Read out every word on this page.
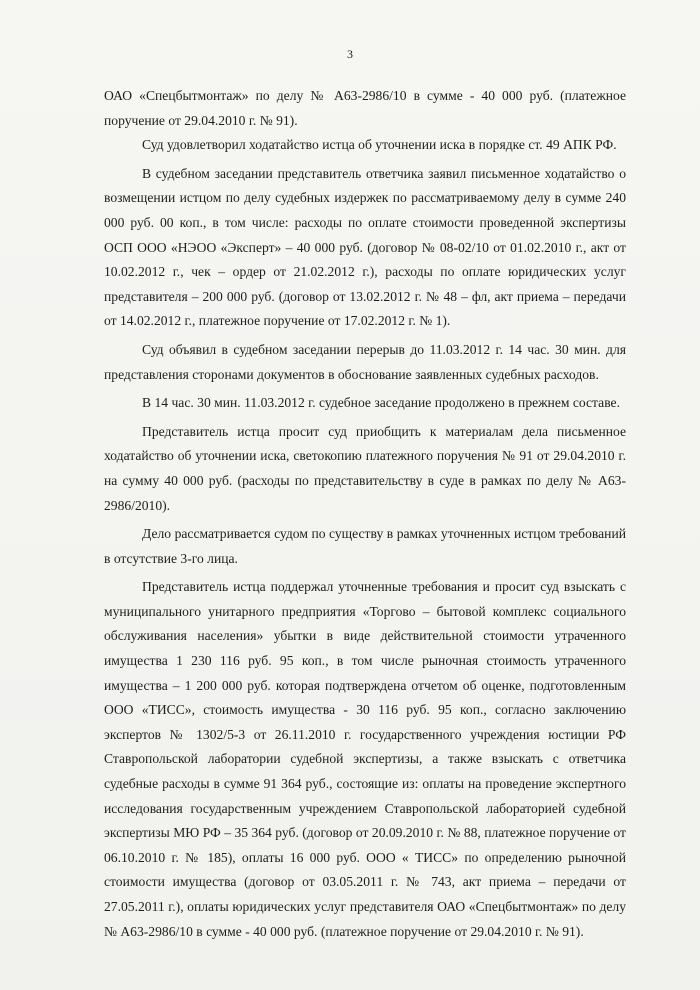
3

ОАО «Спецбытмонтаж» по делу № А63-2986/10 в сумме - 40 000 руб. (платежное поручение от 29.04.2010 г. № 91).

Суд удовлетворил ходатайство истца об уточнении иска в порядке ст. 49 АПК РФ.

В судебном заседании представитель ответчика заявил письменное ходатайство о возмещении истцом по делу судебных издержек по рассматриваемому делу в сумме 240 000 руб. 00 коп., в том числе: расходы по оплате стоимости проведенной экспертизы ОСП ООО «НЭОО «Эксперт» – 40 000 руб. (договор № 08-02/10 от 01.02.2010 г., акт от 10.02.2012 г., чек – ордер от 21.02.2012 г.), расходы по оплате юридических услуг представителя – 200 000 руб. (договор от 13.02.2012 г. № 48 – фл, акт приема – передачи от 14.02.2012 г., платежное поручение от 17.02.2012 г. № 1).

Суд объявил в судебном заседании перерыв до 11.03.2012 г. 14 час. 30 мин. для представления сторонами документов в обоснование заявленных судебных расходов.

В 14 час. 30 мин. 11.03.2012 г. судебное заседание продолжено в прежнем составе.

Представитель истца просит суд приобщить к материалам дела письменное ходатайство об уточнении иска, светокопию платежного поручения № 91 от 29.04.2010 г. на сумму 40 000 руб. (расходы по представительству в суде в рамках по делу № А63-2986/2010).

Дело рассматривается судом по существу в рамках уточненных истцом требований в отсутствие 3-го лица.

Представитель истца поддержал уточненные требования и просит суд взыскать с муниципального унитарного предприятия «Торгово – бытовой комплекс социального обслуживания населения» убытки в виде действительной стоимости утраченного имущества 1 230 116 руб. 95 коп., в том числе рыночная стоимость утраченного имущества – 1 200 000 руб. которая подтверждена отчетом об оценке, подготовленным ООО «ТИСС», стоимость имущества - 30 116 руб. 95 коп., согласно заключению экспертов № 1302/5-3 от 26.11.2010 г. государственного учреждения юстиции РФ Ставропольской лаборатории судебной экспертизы, а также взыскать с ответчика судебные расходы в сумме 91 364 руб., состоящие из: оплаты на проведение экспертного исследования государственным учреждением Ставропольской лабораторией судебной экспертизы МЮ РФ – 35 364 руб. (договор от 20.09.2010 г. № 88, платежное поручение от 06.10.2010 г. № 185), оплаты 16 000 руб. ООО « ТИСС» по определению рыночной стоимости имущества (договор от 03.05.2011 г. № 743, акт приема – передачи от 27.05.2011 г.), оплаты юридических услуг представителя ОАО «Спецбытмонтаж» по делу № А63-2986/10 в сумме - 40 000 руб. (платежное поручение от 29.04.2010 г. № 91).
